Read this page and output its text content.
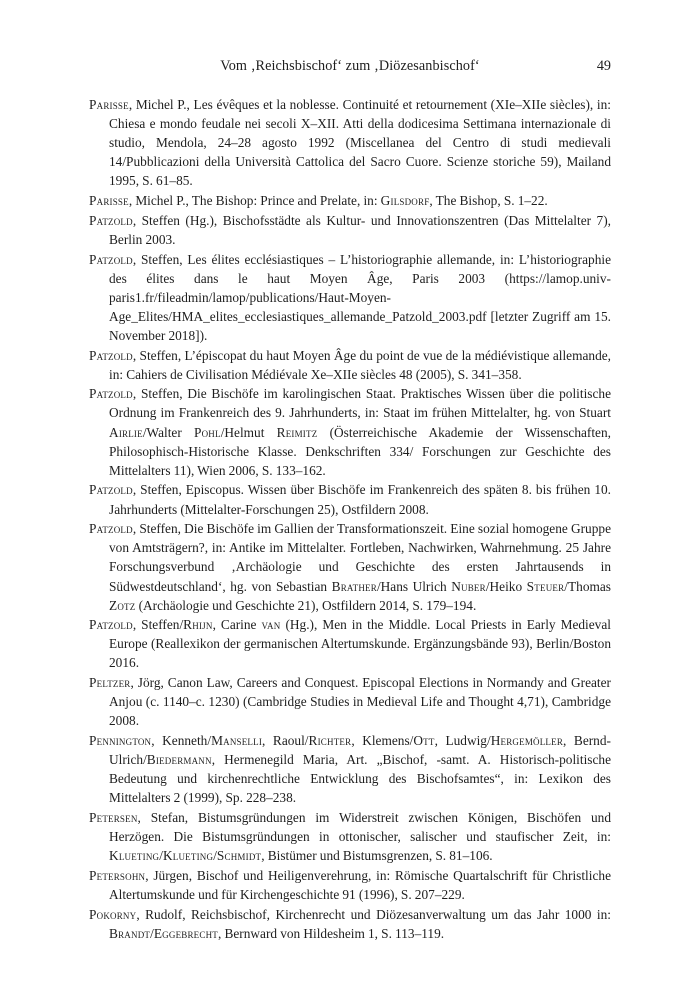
Vom ‚Reichsbischof‘ zum ‚Diözesanbischof‘	49
Parisse, Michel P., Les évêques et la noblesse. Continuité et retournement (XIe–XIIe siècles), in: Chiesa e mondo feudale nei secoli X–XII. Atti della dodicesima Settimana internazionale di studio, Mendola, 24–28 agosto 1992 (Miscellanea del Centro di studi medievali 14/Pubblicazioni della Università Cattolica del Sacro Cuore. Scienze storiche 59), Mailand 1995, S. 61–85.
Parisse, Michel P., The Bishop: Prince and Prelate, in: Gilsdorf, The Bishop, S. 1–22.
Patzold, Steffen (Hg.), Bischofsstädte als Kultur- und Innovationszentren (Das Mittelalter 7), Berlin 2003.
Patzold, Steffen, Les élites ecclésiastiques – L’historiographie allemande, in: L’historiographie des élites dans le haut Moyen Âge, Paris 2003 (https://lamop.univ-paris1.fr/fileadmin/lamop/publications/Haut-Moyen-Age_Elites/HMA_elites_ecclesiastiques_allemande_Patzold_2003.pdf [letzter Zugriff am 15. November 2018]).
Patzold, Steffen, L’épiscopat du haut Moyen Âge du point de vue de la médiévistique allemande, in: Cahiers de Civilisation Médiévale Xe–XIIe siècles 48 (2005), S. 341–358.
Patzold, Steffen, Die Bischöfe im karolingischen Staat. Praktisches Wissen über die politische Ordnung im Frankenreich des 9. Jahrhunderts, in: Staat im frühen Mittelalter, hg. von Stuart Airlie/Walter Pohl/Helmut Reimitz (Österreichische Akademie der Wissenschaften, Philosophisch-Historische Klasse. Denkschriften 334/ Forschungen zur Geschichte des Mittelalters 11), Wien 2006, S. 133–162.
Patzold, Steffen, Episcopus. Wissen über Bischöfe im Frankenreich des späten 8. bis frühen 10. Jahrhunderts (Mittelalter-Forschungen 25), Ostfildern 2008.
Patzold, Steffen, Die Bischöfe im Gallien der Transformationszeit. Eine sozial homogene Gruppe von Amtsträgern?, in: Antike im Mittelalter. Fortleben, Nachwirken, Wahrnehmung. 25 Jahre Forschungsverbund ‚Archäologie und Geschichte des ersten Jahrtausends in Südwestdeutschland‘, hg. von Sebastian Brather/Hans Ulrich Nuber/Heiko Steuer/Thomas Zotz (Archäologie und Geschichte 21), Ostfildern 2014, S. 179–194.
Patzold, Steffen/Rhijn, Carine van (Hg.), Men in the Middle. Local Priests in Early Medieval Europe (Reallexikon der germanischen Altertumskunde. Ergänzungsbände 93), Berlin/Boston 2016.
Peltzer, Jörg, Canon Law, Careers and Conquest. Episcopal Elections in Normandy and Greater Anjou (c. 1140–c. 1230) (Cambridge Studies in Medieval Life and Thought 4,71), Cambridge 2008.
Pennington, Kenneth/Manselli, Raoul/Richter, Klemens/Ott, Ludwig/Hergemöller, Bernd-Ulrich/Biedermann, Hermenegild Maria, Art. „Bischof, -samt. A. Historisch-politische Bedeutung und kirchenrechtliche Entwicklung des Bischofsamtes“, in: Lexikon des Mittelalters 2 (1999), Sp. 228–238.
Petersen, Stefan, Bistumsgründungen im Widerstreit zwischen Königen, Bischöfen und Herzögen. Die Bistumsgründungen in ottonischer, salischer und staufischer Zeit, in: Klueting/Klueting/Schmidt, Bistümer und Bistumsgrenzen, S. 81–106.
Petersohn, Jürgen, Bischof und Heiligenverehrung, in: Römische Quartalschrift für Christliche Altertumskunde und für Kirchengeschichte 91 (1996), S. 207–229.
Pokorny, Rudolf, Reichsbischof, Kirchenrecht und Diözesanverwaltung um das Jahr 1000 in: Brandt/Eggebrecht, Bernward von Hildesheim 1, S. 113–119.
